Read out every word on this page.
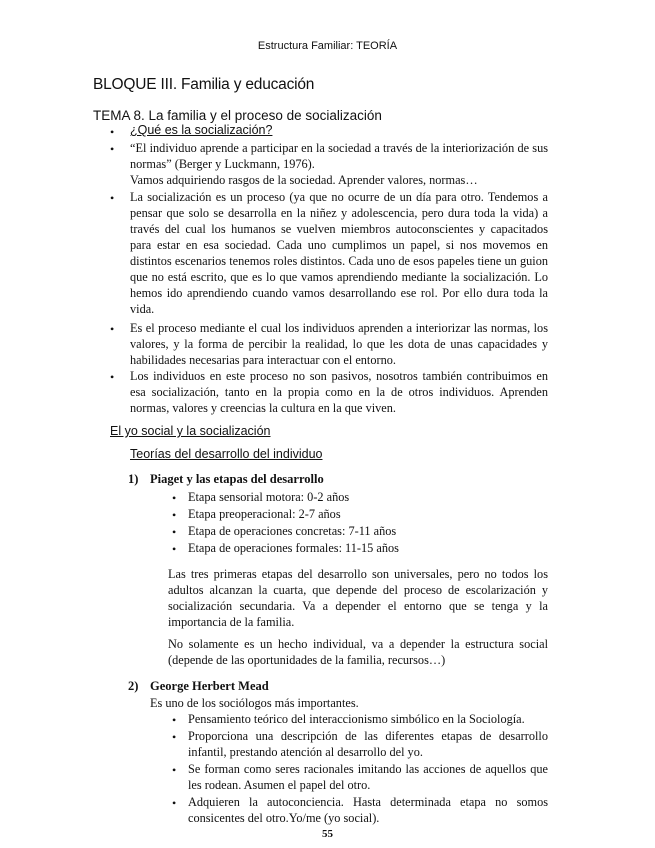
Estructura Familiar: TEORÍA
BLOQUE III. Familia y educación
TEMA 8. La familia y el proceso de socialización
• ¿Qué es la socialización?
• “El individuo aprende a participar en la sociedad a través de la interiorización de sus normas” (Berger y Luckmann, 1976).
Vamos adquiriendo rasgos de la sociedad. Aprender valores, normas…
• La socialización es un proceso (ya que no ocurre de un día para otro. Tendemos a pensar que solo se desarrolla en la niñez y adolescencia, pero dura toda la vida) a través del cual los humanos se vuelven miembros autoconscientes y capacitados para estar en esa sociedad. Cada uno cumplimos un papel, si nos movemos en distintos escenarios tenemos roles distintos. Cada uno de esos papeles tiene un guion que no está escrito, que es lo que vamos aprendiendo mediante la socialización. Lo hemos ido aprendiendo cuando vamos desarrollando ese rol. Por ello dura toda la vida.
• Es el proceso mediante el cual los individuos aprenden a interiorizar las normas, los valores, y la forma de percibir la realidad, lo que les dota de unas capacidades y habilidades necesarias para interactuar con el entorno.
• Los individuos en este proceso no son pasivos, nosotros también contribuimos en esa socialización, tanto en la propia como en la de otros individuos. Aprenden normas, valores y creencias la cultura en la que viven.
El yo social y la socialización
Teorías del desarrollo del individuo
1) Piaget y las etapas del desarrollo
• Etapa sensorial motora: 0-2 años
• Etapa preoperacional: 2-7 años
• Etapa de operaciones concretas: 7-11 años
• Etapa de operaciones formales: 11-15 años
Las tres primeras etapas del desarrollo son universales, pero no todos los adultos alcanzan la cuarta, que depende del proceso de escolarización y socialización secundaria. Va a depender el entorno que se tenga y la importancia de la familia.
No solamente es un hecho individual, va a depender la estructura social (depende de las oportunidades de la familia, recursos…)
2) George Herbert Mead
Es uno de los sociólogos más importantes.
• Pensamiento teórico del interaccionismo simbólico en la Sociología.
• Proporciona una descripción de las diferentes etapas de desarrollo infantil, prestando atención al desarrollo del yo.
• Se forman como seres racionales imitando las acciones de aquellos que les rodean. Asumen el papel del otro.
• Adquieren la autoconciencia. Hasta determinada etapa no somos consicentes del otro.Yo/me (yo social).
55
